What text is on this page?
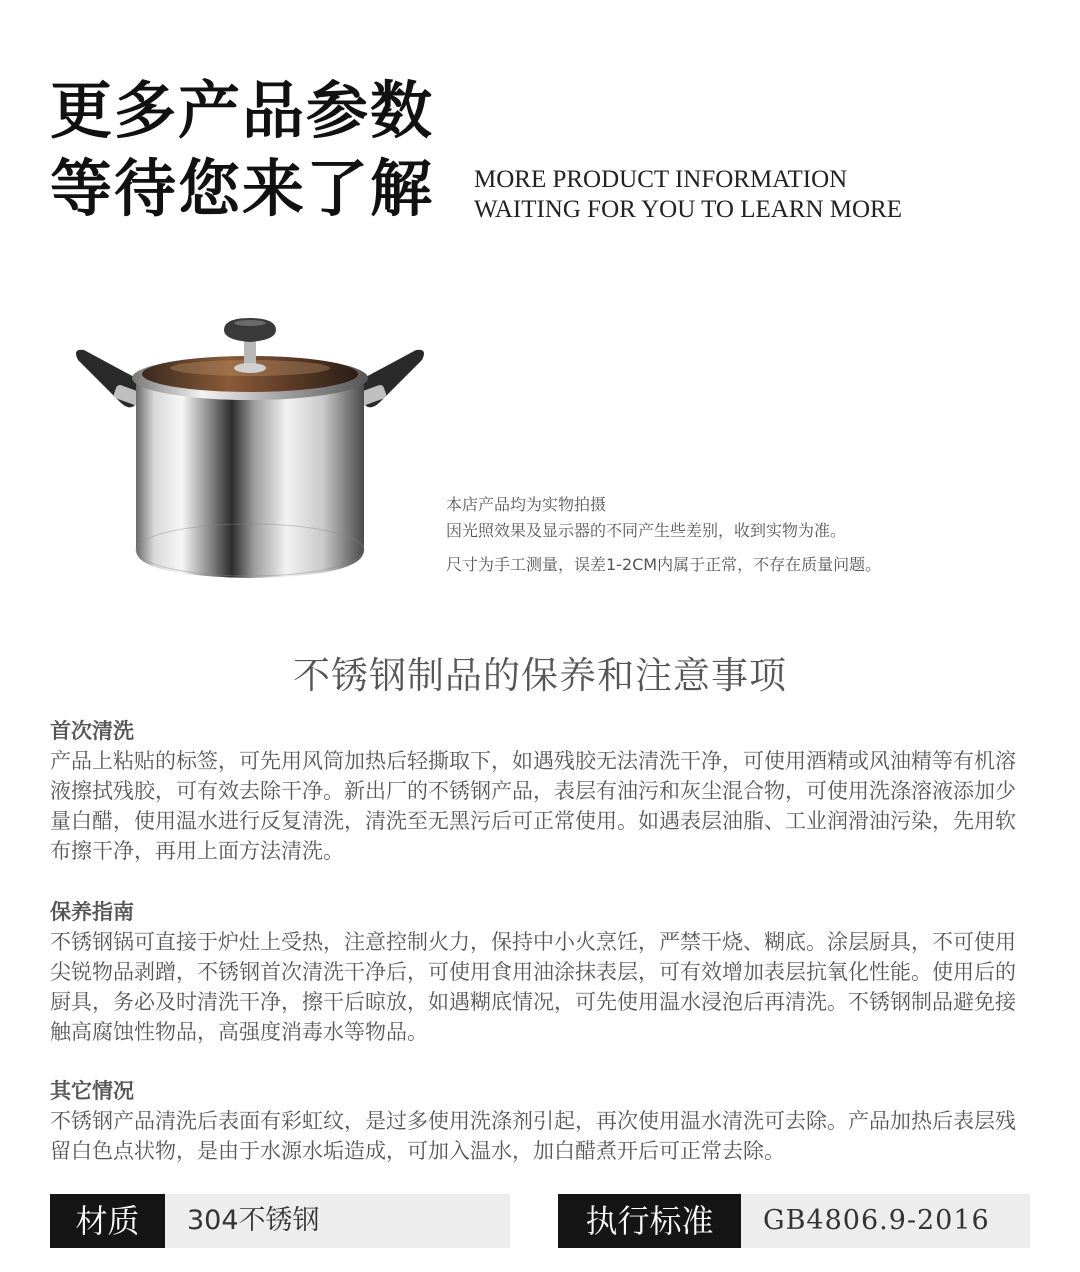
更多产品参数
等待您来了解 MORE PRODUCT INFORMATION
WAITING FOR YOU TO LEARN MORE
本店产品均为实物拍摄
因光照效果及显示器的不同产生些差别，收到实物为准。
尺寸为手工测量，误差1-2CM内属于正常，不存在质量问题。
不锈钢制品的保养和注意事项
首次清洗

产品上粘贴的标签，可先用风筒加热后轻撕取下，如遇残胶无法清洗干净，可使用酒精或风油精等有机溶液擦拭残胶，可有效去除干净。新出厂的不锈钢产品，表层有油污和灰尘混合物，可使用洗涤溶液添加少量白醋，使用温水进行反复清洗，清洗至无黑污后可正常使用。如遇表层油脂、工业润滑油污染，先用软布擦干净，再用上面方法清洗。

保养指南

不锈钢锅可直接于炉灶上受热，注意控制火力，保持中小火烹饪，严禁干烧、糊底。涂层厨具，不可使用尖锐物品剥蹭，不锈钢首次清洗干净后，可使用食用油涂抹表层，可有效增加表层抗氧化性能。使用后的厨具，务必及时清洗干净，擦干后晾放，如遇糊底情况，可先使用温水浸泡后再清洗。不锈钢制品避免接触高腐蚀性物品，高强度消毒水等物品。

其它情况

不锈钢产品清洗后表面有彩虹纹，是过多使用洗涤剂引起，再次使用温水清洗可去除。产品加热后表层残留白色点状物，是由于水源水垢造成，可加入温水，加白醋煮开后可正常去除。

材质	304不锈钢	执行标准	GB4806.9-2016
